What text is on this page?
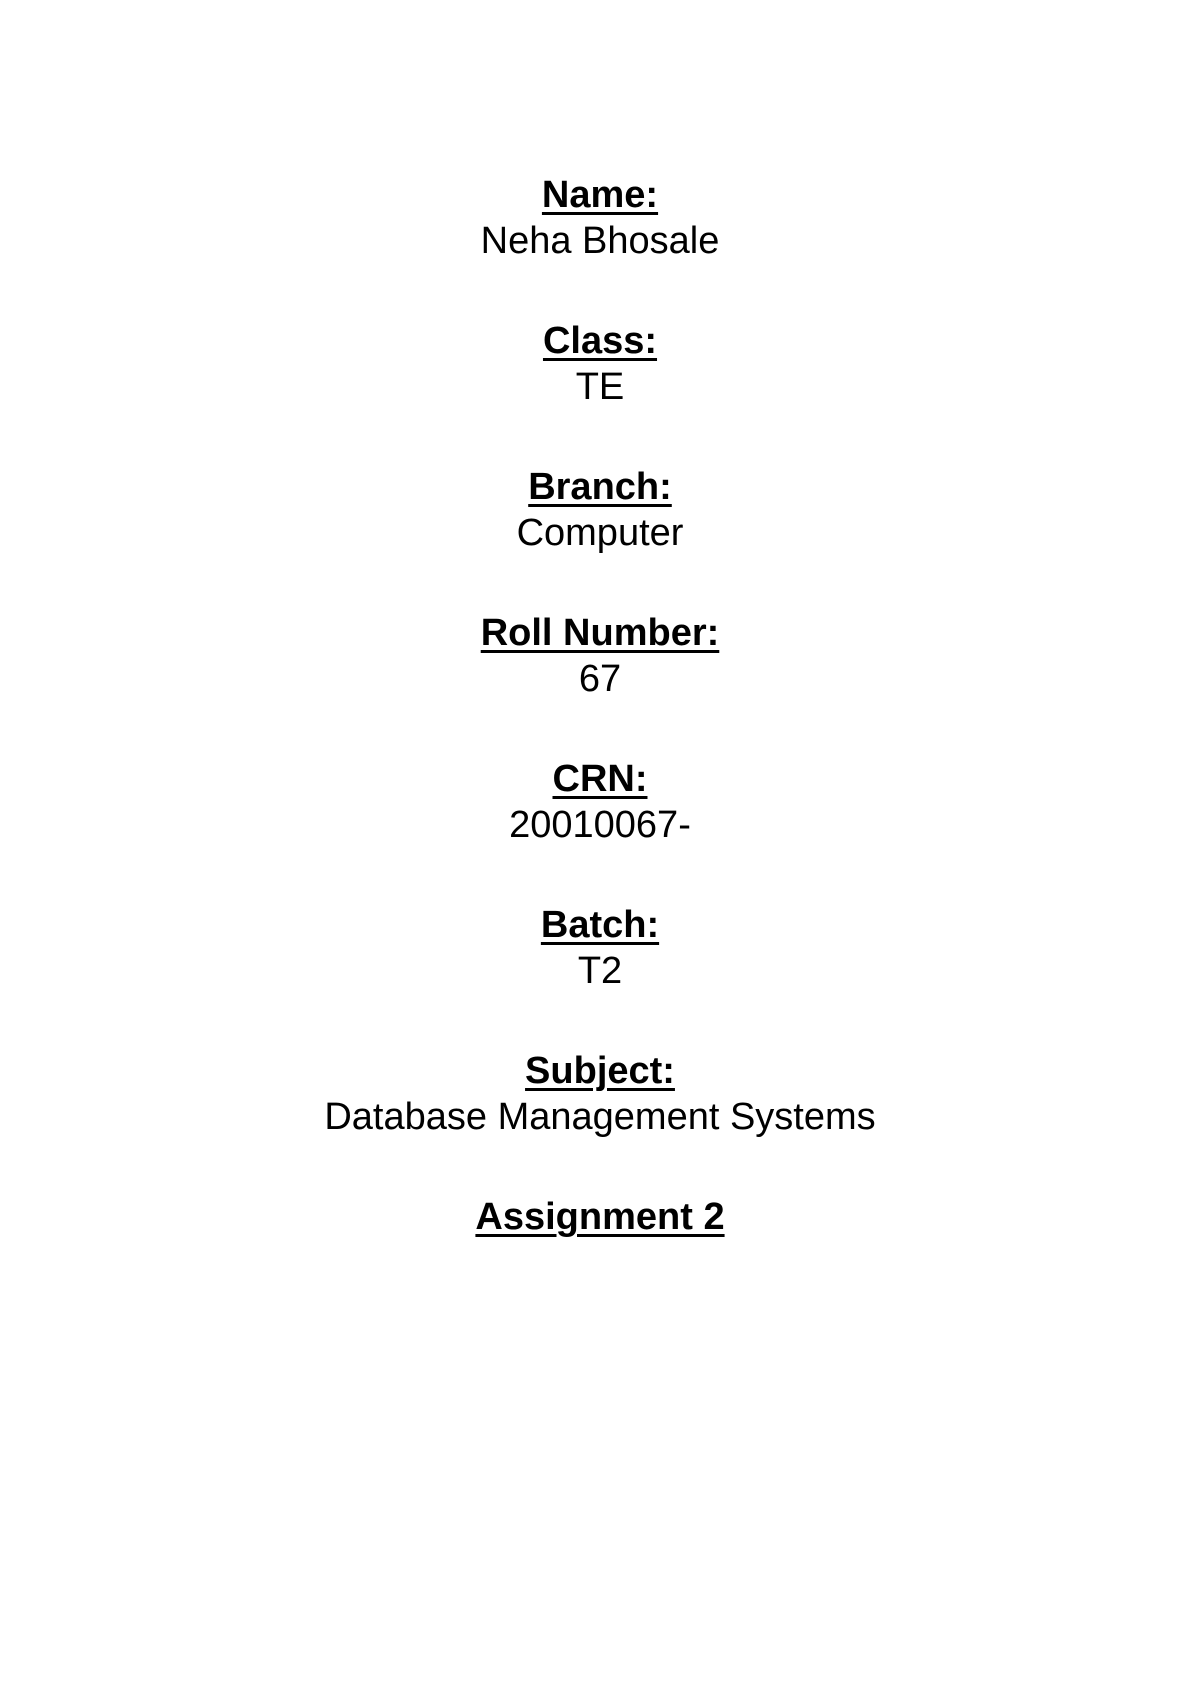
Name:
Neha Bhosale
Class:
TE
Branch:
Computer
Roll Number:
67
CRN:
20010067-
Batch:
T2
Subject:
Database Management Systems
Assignment 2
